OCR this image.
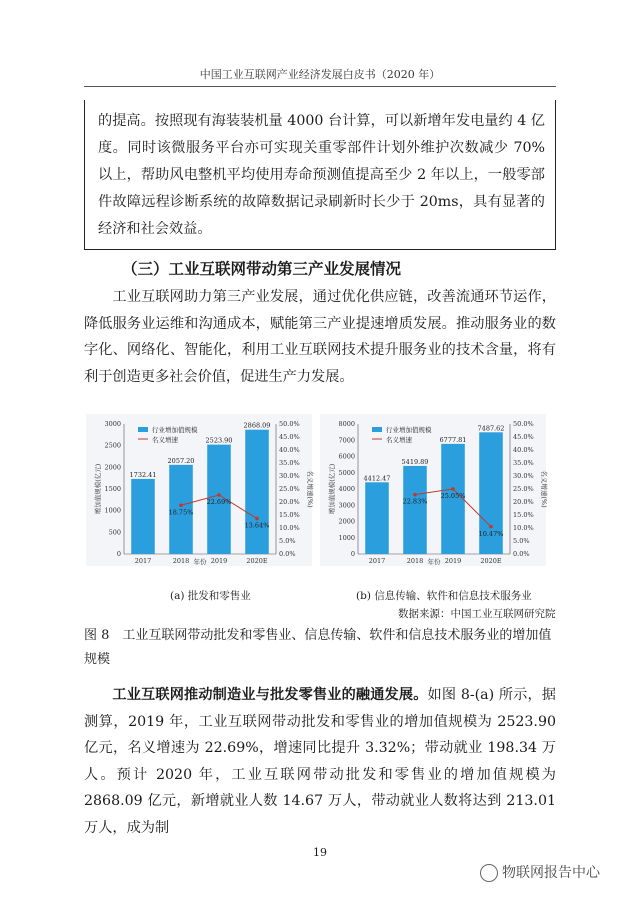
中国工业互联网产业经济发展白皮书（2020 年）

的提高。按照现有海装装机量 4000 台计算，可以新增年发电量约 4 亿度。同时该微服务平台亦可实现关重零部件计划外维护次数减少 70%以上，帮助风电整机平均使用寿命预测值提高至少 2 年以上，一般零部件故障远程诊断系统的故障数据记录刷新时长少于 20ms，具有显著的经济和社会效益。

（三）工业互联网带动第三产业发展情况

工业互联网助力第三产业发展，通过优化供应链，改善流通环节运作，降低服务业运维和沟通成本，赋能第三产业提速增质发展。推动服务业的数字化、网络化、智能化，利用工业互联网技术提升服务业的技术含量，将有利于创造更多社会价值，促进生产力发展。

0
500
1000
1500
2000
2500
3000
0.0%
5.0%
10.0%
15.0%
20.0%
25.0%
30.0%
35.0%
40.0%
45.0%
50.0%
增加值规模(亿元)	名义增速(%)
1732.41
2017
2057.20
2018
2523.90
2019
2868.09
2020E
18.75%
22.69%
13.64%
年份
行业增加值规模
名义增速
0
1000
2000
3000
4000
5000
6000
7000
8000
0.0%
5.0%
10.0%
15.0%
20.0%
25.0%
30.0%
35.0%
40.0%
45.0%
50.0%
增加值规模(亿元)	名义增速(%)
4412.47
2017
5419.89
2018
6777.81
2019
7487.62
2020E
22.83%
25.05%
10.47%
年份
行业增加值规模
名义增速
(a) 批发和零售业	(b) 信息传输、软件和信息技术服务业
数据来源：中国工业互联网研究院

图 8　工业互联网带动批发和零售业、信息传输、软件和信息技术服务业的增加值规模

工业互联网推动制造业与批发零售业的融通发展。如图 8-(a) 所示，据测算，2019 年，工业互联网带动批发和零售业的增加值规模为 2523.90 亿元，名义增速为 22.69%，增速同比提升 3.32%；带动就业 198.34 万人。预计 2020 年，工业互联网带动批发和零售业的增加值规模为 2868.09 亿元，新增就业人数 14.67 万人，带动就业人数将达到 213.01 万人，成为制

19
物联网报告中心
